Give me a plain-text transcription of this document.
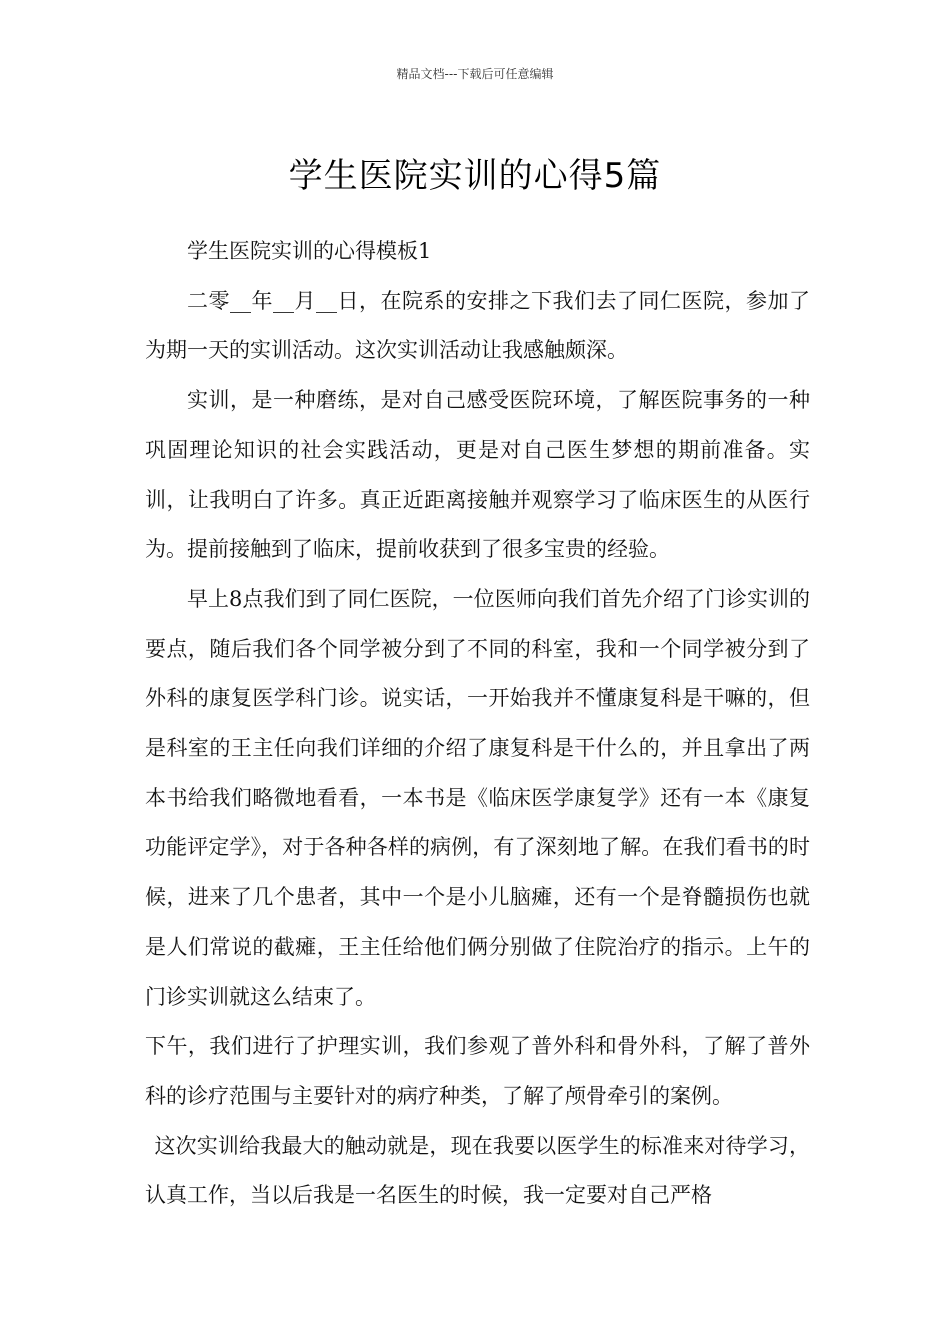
精品文档---下载后可任意编辑
学生医院实训的心得5篇

学生医院实训的心得模板1

二零__年__月__日，在院系的安排之下我们去了同仁医院，参加了为期一天的实训活动。这次实训活动让我感触颇深。

实训，是一种磨练，是对自己感受医院环境，了解医院事务的一种巩固理论知识的社会实践活动，更是对自己医生梦想的期前准备。实训，让我明白了许多。真正近距离接触并观察学习了临床医生的从医行为。提前接触到了临床，提前收获到了很多宝贵的经验。

早上8点我们到了同仁医院，一位医师向我们首先介绍了门诊实训的要点，随后我们各个同学被分到了不同的科室，我和一个同学被分到了外科的康复医学科门诊。说实话，一开始我并不懂康复科是干嘛的，但是科室的王主任向我们详细的介绍了康复科是干什么的，并且拿出了两本书给我们略微地看看，一本书是《临床医学康复学》还有一本《康复功能评定学》，对于各种各样的病例，有了深刻地了解。在我们看书的时候，进来了几个患者，其中一个是小儿脑瘫，还有一个是脊髓损伤也就是人们常说的截瘫，王主任给他们俩分别做了住院治疗的指示。上午的门诊实训就这么结束了。

下午，我们进行了护理实训，我们参观了普外科和骨外科，了解了普外科的诊疗范围与主要针对的病疗种类，了解了颅骨牵引的案例。

这次实训给我最大的触动就是，现在我要以医学生的标准来对待学习，认真工作，当以后我是一名医生的时候，我一定要对自己严格
